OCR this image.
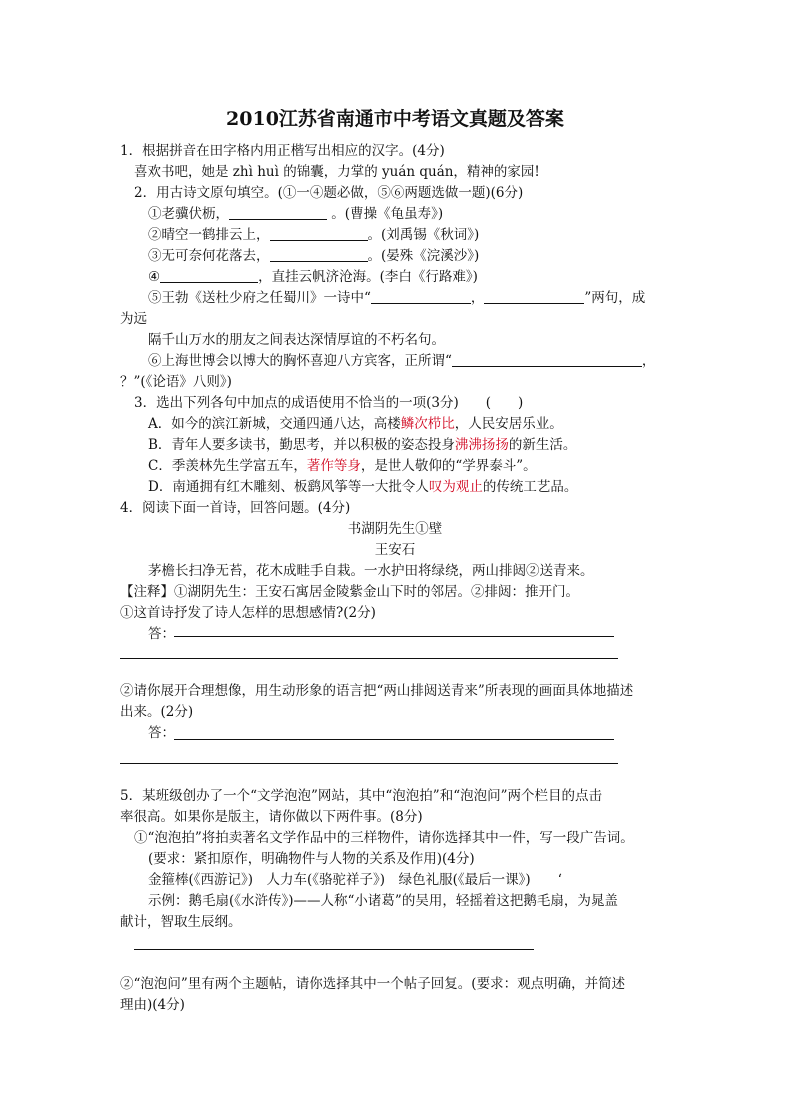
2010江苏省南通市中考语文真题及答案
1．根据拼音在田字格内用正楷写出相应的汉字。(4分)
喜欢书吧，她是 zhì huì 的锦囊，力掌的 yuán quán，精神的家园!
2．用古诗文原句填空。(①一④题必做，⑤⑥两题选做一题)(6分)
①老骥伏枥，	。(曹操《龟虽寿》)
②晴空一鹤排云上，	。(刘禹锡《秋词》)
③无可奈何花落去，	。(晏殊《浣溪沙》)
④	，直挂云帆济沧海。(李白《行路难》)
⑤王勃《送杜少府之任蜀川》一诗中“	，	”两句，成
为远
隔千山万水的朋友之间表达深情厚谊的不朽名句。
⑥上海世博会以博大的胸怀喜迎八方宾客，正所谓“	，
？”(《论语》八则》)
3．选出下列各句中加点的成语使用不恰当的一项(3分)　　(　　)
A．如今的滨江新城，交通四通八达，高楼鳞次栉比，人民安居乐业。
B．青年人要多读书，勤思考，并以积极的姿态投身沸沸扬扬的新生活。
C．季羡林先生学富五车，著作等身，是世人敬仰的“学界泰斗”。
D．南通拥有红木雕刻、板鹞风筝等一大批令人叹为观止的传统工艺品。
4．阅读下面一首诗，回答问题。(4分)
书湖阴先生①壁
王安石
茅檐长扫净无苔，花木成畦手自栽。一水护田将绿绕，两山排闼②送青来。
【注释】①湖阴先生：王安石寓居金陵紫金山下时的邻居。②排闼：推开门。
①这首诗抒发了诗人怎样的思想感情?(2分)
答：
②请你展开合理想像，用生动形象的语言把“两山排闼送青来”所表现的画面具体地描述
出来。(2分)
答：
5．某班级创办了一个“文学泡泡”网站，其中“泡泡拍”和“泡泡问”两个栏目的点击
率很高。如果你是版主，请你做以下两件事。(8分)
①“泡泡拍”将拍卖著名文学作品中的三样物件，请你选择其中一件，写一段广告词。
(要求：紧扣原作，明确物件与人物的关系及作用)(4分)
金箍棒(《西游记》)　人力车(《骆驼祥子》)　绿色礼服(《最后一课》)　　‘
示例：鹅毛扇(《水浒传》)——人称“小诸葛”的吴用，轻摇着这把鹅毛扇，为晁盖
献计，智取生辰纲。
②“泡泡问”里有两个主题帖，请你选择其中一个帖子回复。(要求：观点明确，并简述
理由)(4分)
